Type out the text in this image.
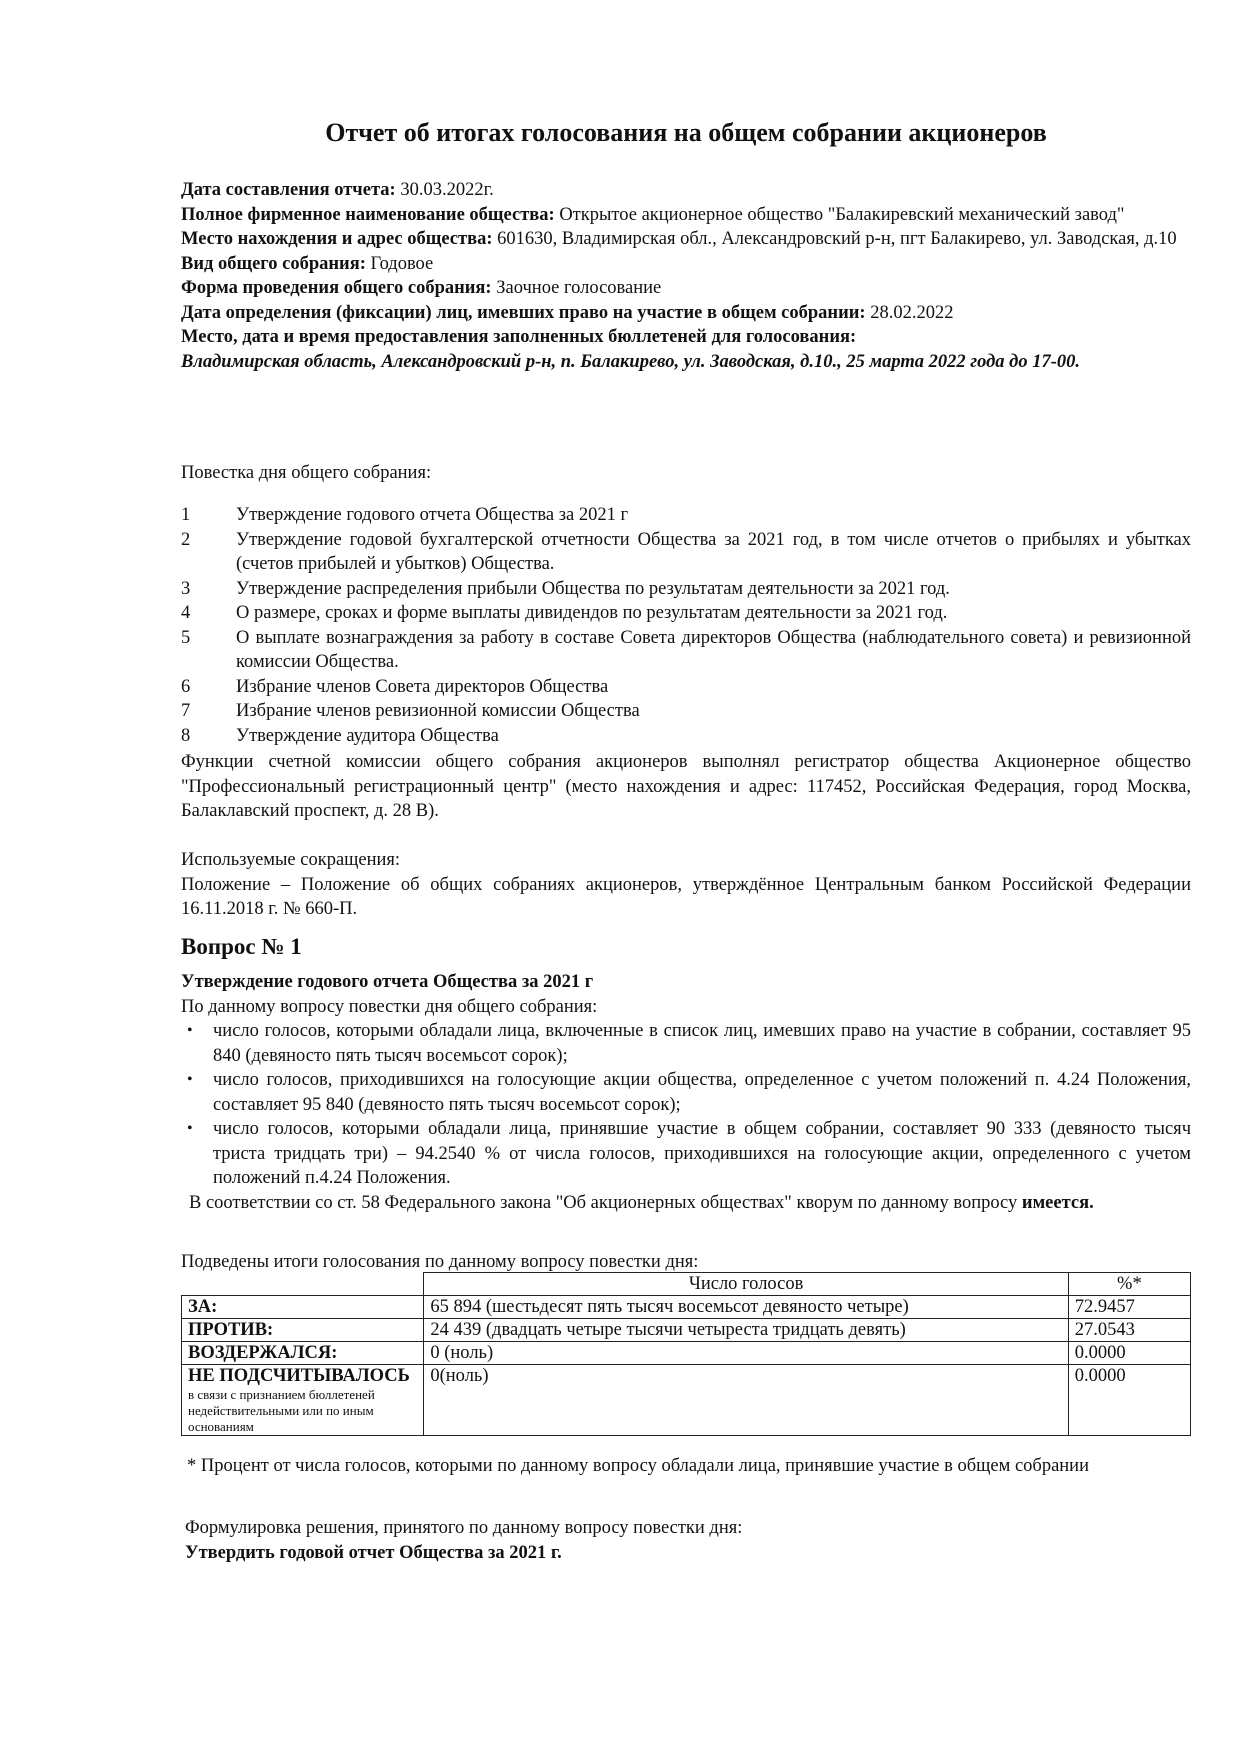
Отчет об итогах голосования на общем собрании акционеров

Дата составления отчета: 30.03.2022г.

Полное фирменное наименование общества: Открытое акционерное общество "Балакиревский механический завод"

Место нахождения и адрес общества: 601630, Владимирская обл., Александровский р-н, пгт Балакирево, ул. Заводская, д.10

Вид общего собрания: Годовое

Форма проведения общего собрания: Заочное голосование

Дата определения (фиксации) лиц, имевших право на участие в общем собрании: 28.02.2022

Место, дата и время предоставления заполненных бюллетеней для голосования:

Владимирская область, Александровский р-н, п. Балакирево, ул. Заводская, д.10., 25 марта 2022 года до 17-00.

Повестка дня общего собрания:

1 Утверждение годового отчета Общества за 2021 г
2 Утверждение годовой бухгалтерской отчетности Общества за 2021 год, в том числе отчетов о прибылях и убытках (счетов прибылей и убытков) Общества.
3 Утверждение распределения прибыли Общества по результатам деятельности за 2021 год.
4 О размере, сроках и форме выплаты дивидендов по результатам деятельности за 2021 год.
5 О выплате вознаграждения за работу в составе Совета директоров Общества (наблюдательного совета) и ревизионной комиссии Общества.
6 Избрание членов Совета директоров Общества
7 Избрание членов ревизионной комиссии Общества
8 Утверждение аудитора Общества

Функции счетной комиссии общего собрания акционеров выполнял регистратор общества Акционерное общество "Профессиональный регистрационный центр" (место нахождения и адрес: 117452, Российская Федерация, город Москва, Балаклавский проспект, д. 28 В).

Используемые сокращения:

Положение – Положение об общих собраниях акционеров, утверждённое Центральным банком Российской Федерации 16.11.2018 г. № 660-П.

Вопрос № 1

Утверждение годового отчета Общества за 2021 г

По данному вопросу повестки дня общего собрания:

• число голосов, которыми обладали лица, включенные в список лиц, имевших право на участие в собрании, составляет 95 840 (девяносто пять тысяч восемьсот сорок);
• число голосов, приходившихся на голосующие акции общества, определенное с учетом положений п. 4.24 Положения, составляет 95 840 (девяносто пять тысяч восемьсот сорок);
• число голосов, которыми обладали лица, принявшие участие в общем собрании, составляет 90 333 (девяносто тысяч триста тридцать три) – 94.2540 % от числа голосов, приходившихся на голосующие акции, определенного с учетом положений п.4.24 Положения.

В соответствии со ст. 58 Федерального закона "Об акционерных обществах" кворум по данному вопросу имеется.

Подведены итоги голосования по данному вопросу повестки дня:

	Число голосов	%*
ЗА:	65 894 (шестьдесят пять тысяч восемьсот девяносто четыре)	72.9457
ПРОТИВ:	24 439 (двадцать четыре тысячи четыреста тридцать девять)	27.0543
ВОЗДЕРЖАЛСЯ:	0 (ноль)	0.0000
НЕ ПОДСЧИТЫВАЛОСЬ
в связи с признанием бюллетеней недействительными или по иным основаниям	0(ноль)	0.0000

* Процент от числа голосов, которыми по данному вопросу обладали лица, принявшие участие в общем собрании

Формулировка решения, принятого по данному вопросу повестки дня:

Утвердить годовой отчет Общества за 2021 г.
